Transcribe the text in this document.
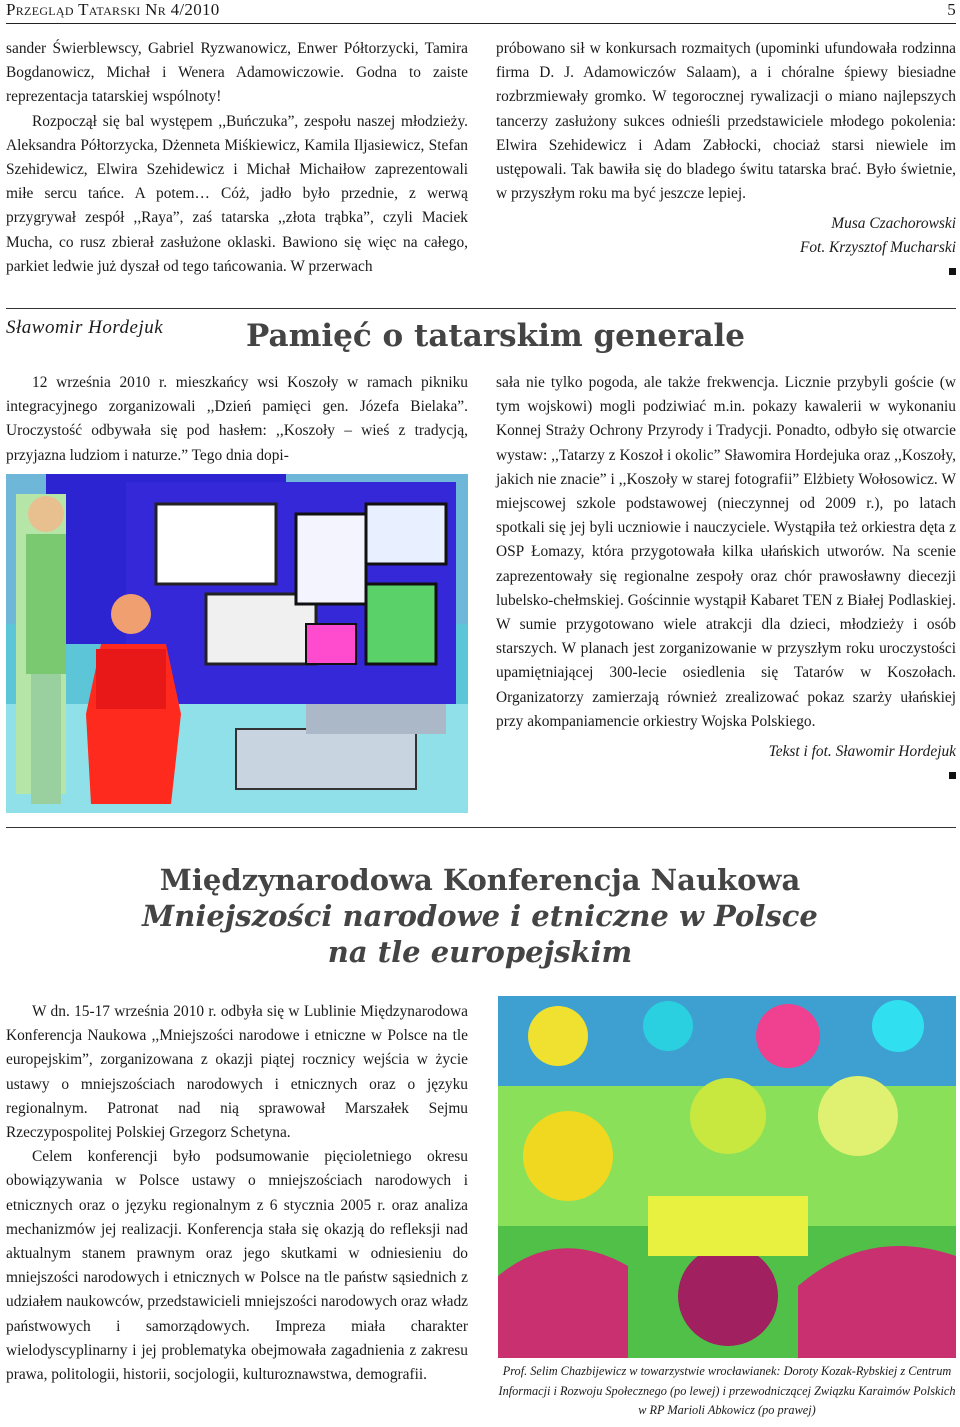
Przegląd Tatarski Nr 4/2010	5

sander Świerblewscy, Gabriel Ryzwanowicz, Enwer Półtorzycki, Tamira Bogdanowicz, Michał i Wenera Adamowiczowie. Godna to zaiste reprezentacja tatarskiej wspólnoty!

Rozpoczął się bal występem ,,Buńczuka”, zespołu naszej młodzieży. Aleksandra Półtorzycka, Dżenneta Miśkiewicz, Kamila Iljasiewicz, Stefan Szehidewicz, Elwira Szehidewicz i Michał Michaiłow zaprezentowali miłe sercu tańce. A potem… Cóż, jadło było przednie, z werwą przygrywał zespół ,,Raya”, zaś tatarska ,,złota trąbka”, czyli Maciek Mucha, co rusz zbierał zasłużone oklaski. Bawiono się więc na całego, parkiet ledwie już dyszał od tego tańcowania. W przerwach

próbowano sił w konkursach rozmaitych (upominki ufundowała rodzinna firma D. J. Adamowiczów Salaam), a i chóralne śpiewy biesiadne rozbrzmiewały gromko. W tegorocznej rywalizacji o miano najlepszych tancerzy zasłużony sukces odnieśli przedstawiciele młodego pokolenia: Elwira Szehidewicz i Adam Zabłocki, chociaż starsi niewiele im ustępowali. Tak bawiła się do bladego świtu tatarska brać. Było świetnie, w przyszłym roku ma być jeszcze lepiej.

Musa Czachorowski
Fot. Krzysztof Mucharski
Sławomir Hordejuk	Pamięć o tatarskim generale

12 września 2010 r. mieszkańcy wsi Koszoły w ramach pikniku integracyjnego zorganizowali ,,Dzień pamięci gen. Józefa Bielaka”. Uroczystość odbywała się pod hasłem: ,,Koszoły – wieś z tradycją, przyjazna ludziom i naturze.” Tego dnia dopi-

sała nie tylko pogoda, ale także frekwencja. Licznie przybyli goście (w tym wojskowi) mogli podziwiać m.in. pokazy kawalerii w wykonaniu Konnej Straży Ochrony Przyrody i Tradycji. Ponadto, odbyło się otwarcie wystaw: ,,Tatarzy z Koszoł i okolic” Sławomira Hordejuka oraz ,,Koszoły, jakich nie znacie” i ,,Koszoły w starej fotografii” Elżbiety Wołosowicz. W miejscowej szkole podstawowej (nieczynnej od 2009 r.), po latach spotkali się jej byli uczniowie i nauczyciele. Wystąpiła też orkiestra dęta z OSP Łomazy, która przygotowała kilka ułańskich utworów. Na scenie zaprezentowały się regionalne zespoły oraz chór prawosławny diecezji lubelsko-chełmskiej. Gościnnie wystąpił Kabaret TEN z Białej Podlaskiej. W sumie przygotowano wiele atrakcji dla dzieci, młodzieży i osób starszych. W planach jest zorganizowanie w przyszłym roku uroczystości upamiętniającej 300-lecie osiedlenia się Tatarów w Koszołach. Organizatorzy zamierzają również zrealizować pokaz szarży ułańskiej przy akompaniamencie orkiestry Wojska Polskiego.

Tekst i fot. Sławomir Hordejuk
Międzynarodowa Konferencja Naukowa
Mniejszości narodowe i etniczne w Polsce
na tle europejskim

W dn. 15-17 września 2010 r. odbyła się w Lublinie Międzynarodowa Konferencja Naukowa ,,Mniejszości narodowe i etniczne w Polsce na tle europejskim”, zorganizowana z okazji piątej rocznicy wejścia w życie ustawy o mniejszościach narodowych i etnicznych oraz o języku regionalnym. Patronat nad nią sprawował Marszałek Sejmu Rzeczypospolitej Polskiej Grzegorz Schetyna.

Celem konferencji było podsumowanie pięcioletniego okresu obowiązywania w Polsce ustawy o mniejszościach narodowych i etnicznych oraz o języku regionalnym z 6 stycznia 2005 r. oraz analiza mechanizmów jej realizacji. Konferencja stała się okazją do refleksji nad aktualnym stanem prawnym oraz jego skutkami w odniesieniu do mniejszości narodowych i etnicznych w Polsce na tle państw sąsiednich z udziałem naukowców, przedstawicieli mniejszości narodowych oraz władz państwowych i samorządowych. Impreza miała charakter wielodyscyplinarny i jej problematyka obejmowała zagadnienia z zakresu prawa, politologii, historii, socjologii, kulturoznawstwa, demografii.	Prof. Selim Chazbijewicz w towarzystwie wrocławianek: Doroty Kozak-Rybskiej z Centrum Informacji i Rozwoju Społecznego (po lewej) i przewodniczącej Związku Karaimów Polskich w RP Marioli Abkowicz (po prawej)
